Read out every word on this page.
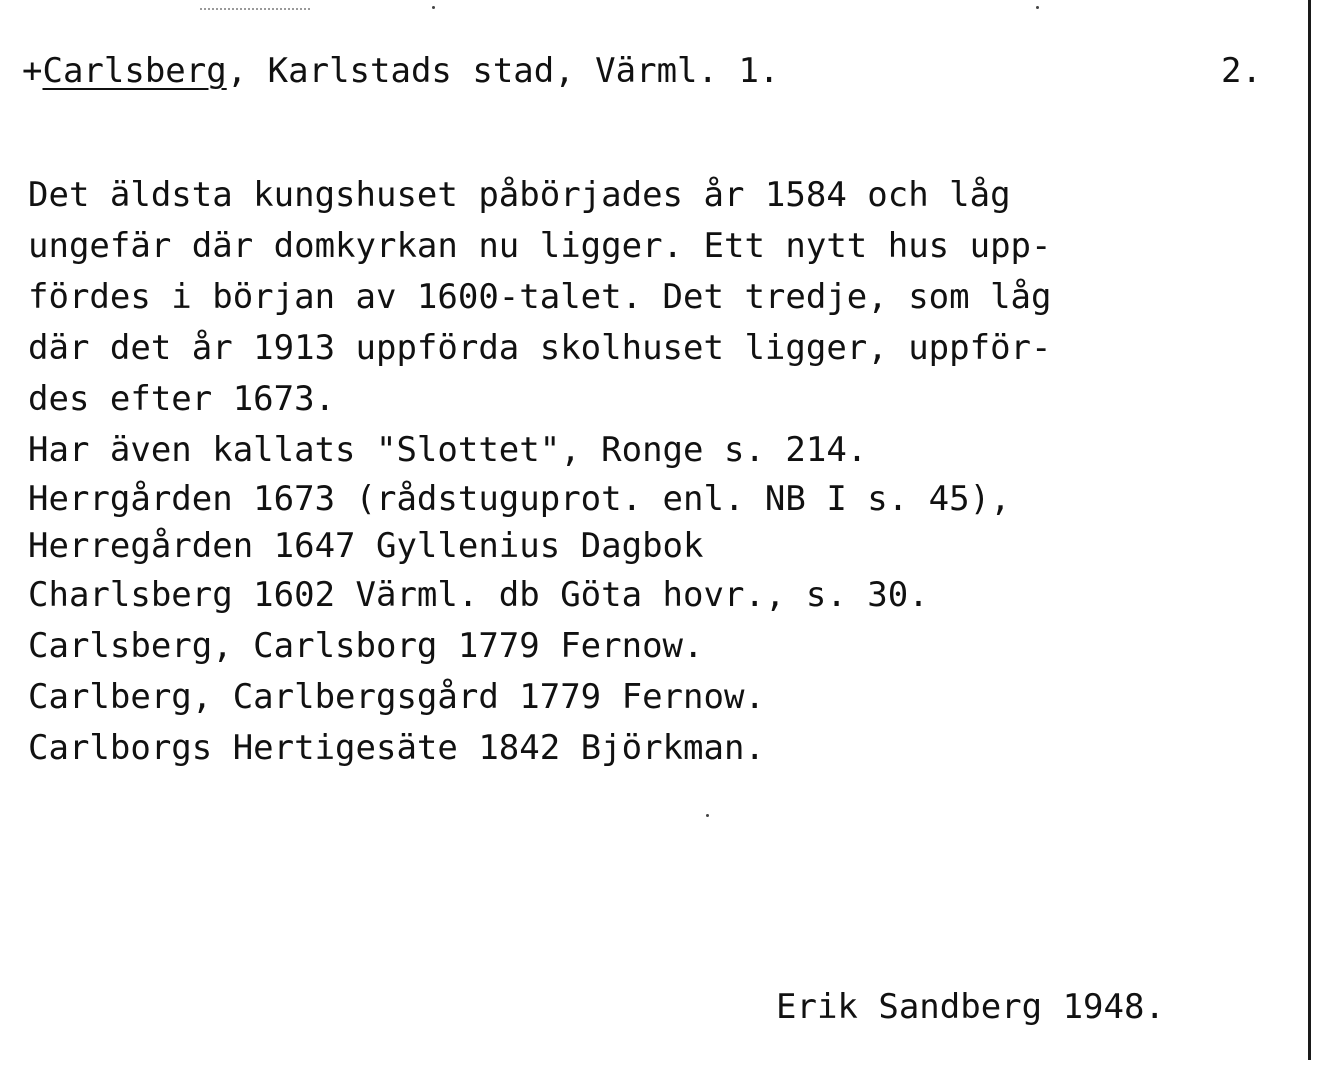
+Carlsberg, Karlstads stad, Värml. 1.	2.
Det äldsta kungshuset påbörjades år 1584 och låg
ungefär där domkyrkan nu ligger. Ett nytt hus upp-
fördes i början av 1600-talet. Det tredje, som låg
där det år 1913 uppförda skolhuset ligger, uppför-
des efter 1673.
Har även kallats "Slottet", Ronge s. 214.
Herrgården 1673 (rådstuguprot. enl. NB I s. 45),
Herregården 1647 Gyllenius Dagbok
Charlsberg 1602 Värml. db Göta hovr., s. 30.
Carlsberg, Carlsborg 1779 Fernow.
Carlberg, Carlbergsgård 1779 Fernow.
Carlborgs Hertigesäte 1842 Björkman.
Erik Sandberg 1948.
